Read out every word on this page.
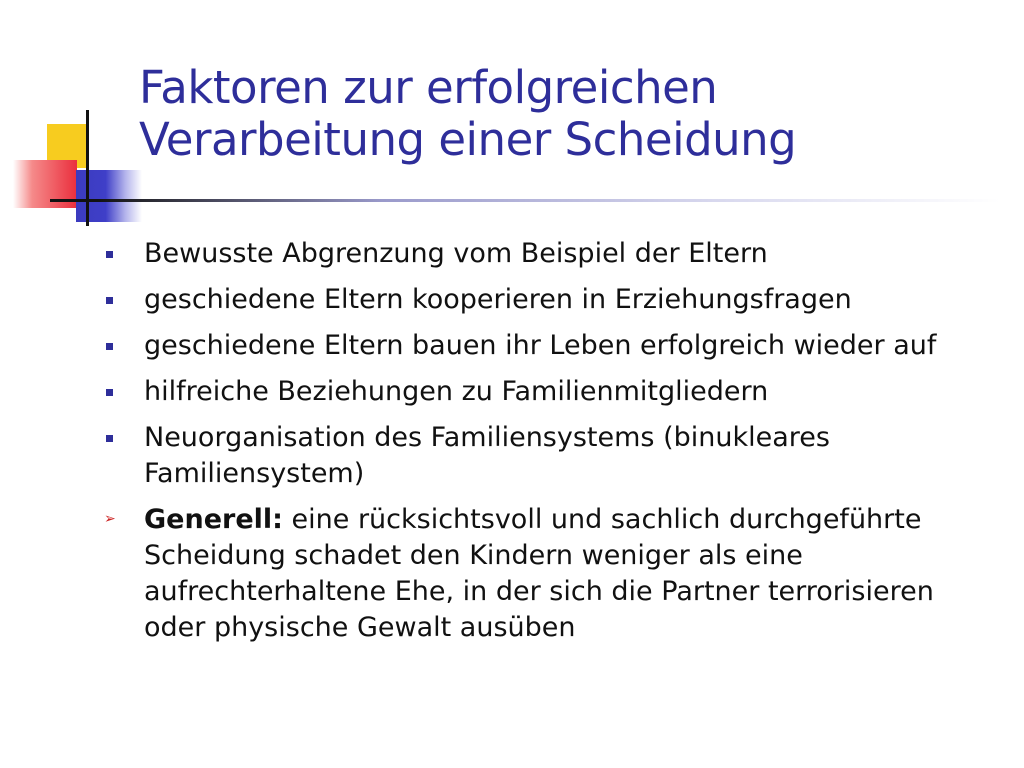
Faktoren zur erfolgreichen
Verarbeitung einer Scheidung
Bewusste Abgrenzung vom Beispiel der Eltern
geschiedene Eltern kooperieren in Erziehungsfragen
geschiedene Eltern bauen ihr Leben erfolgreich wieder auf
hilfreiche Beziehungen zu Familienmitgliedern
Neuorganisation des Familiensystems (binukleares Familiensystem)
➢ Generell: eine rücksichtsvoll und sachlich durchgeführte Scheidung schadet den Kindern weniger als eine aufrechterhaltene Ehe, in der sich die Partner terrorisieren oder physische Gewalt ausüben
